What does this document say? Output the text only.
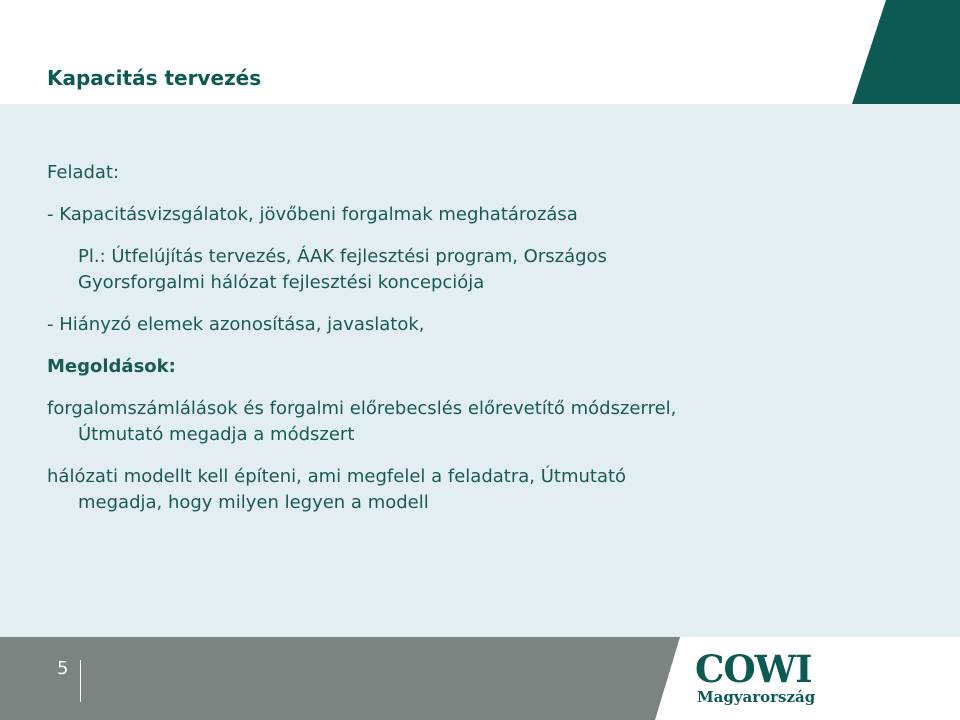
Kapacitás tervezés
Feladat:
- Kapacitásvizsgálatok, jövőbeni forgalmak meghatározása
Pl.: Útfelújítás tervezés, ÁAK fejlesztési program, Országos
Gyorsforgalmi hálózat fejlesztési koncepciója
- Hiányzó elemek azonosítása, javaslatok,
Megoldások:
forgalomszámlálások és forgalmi előrebecslés előrevetítő módszerrel,
Útmutató megadja a módszert
hálózati modellt kell építeni, ami megfelel a feladatra, Útmutató
megadja, hogy milyen legyen a modell
5	COWI
Magyarország
